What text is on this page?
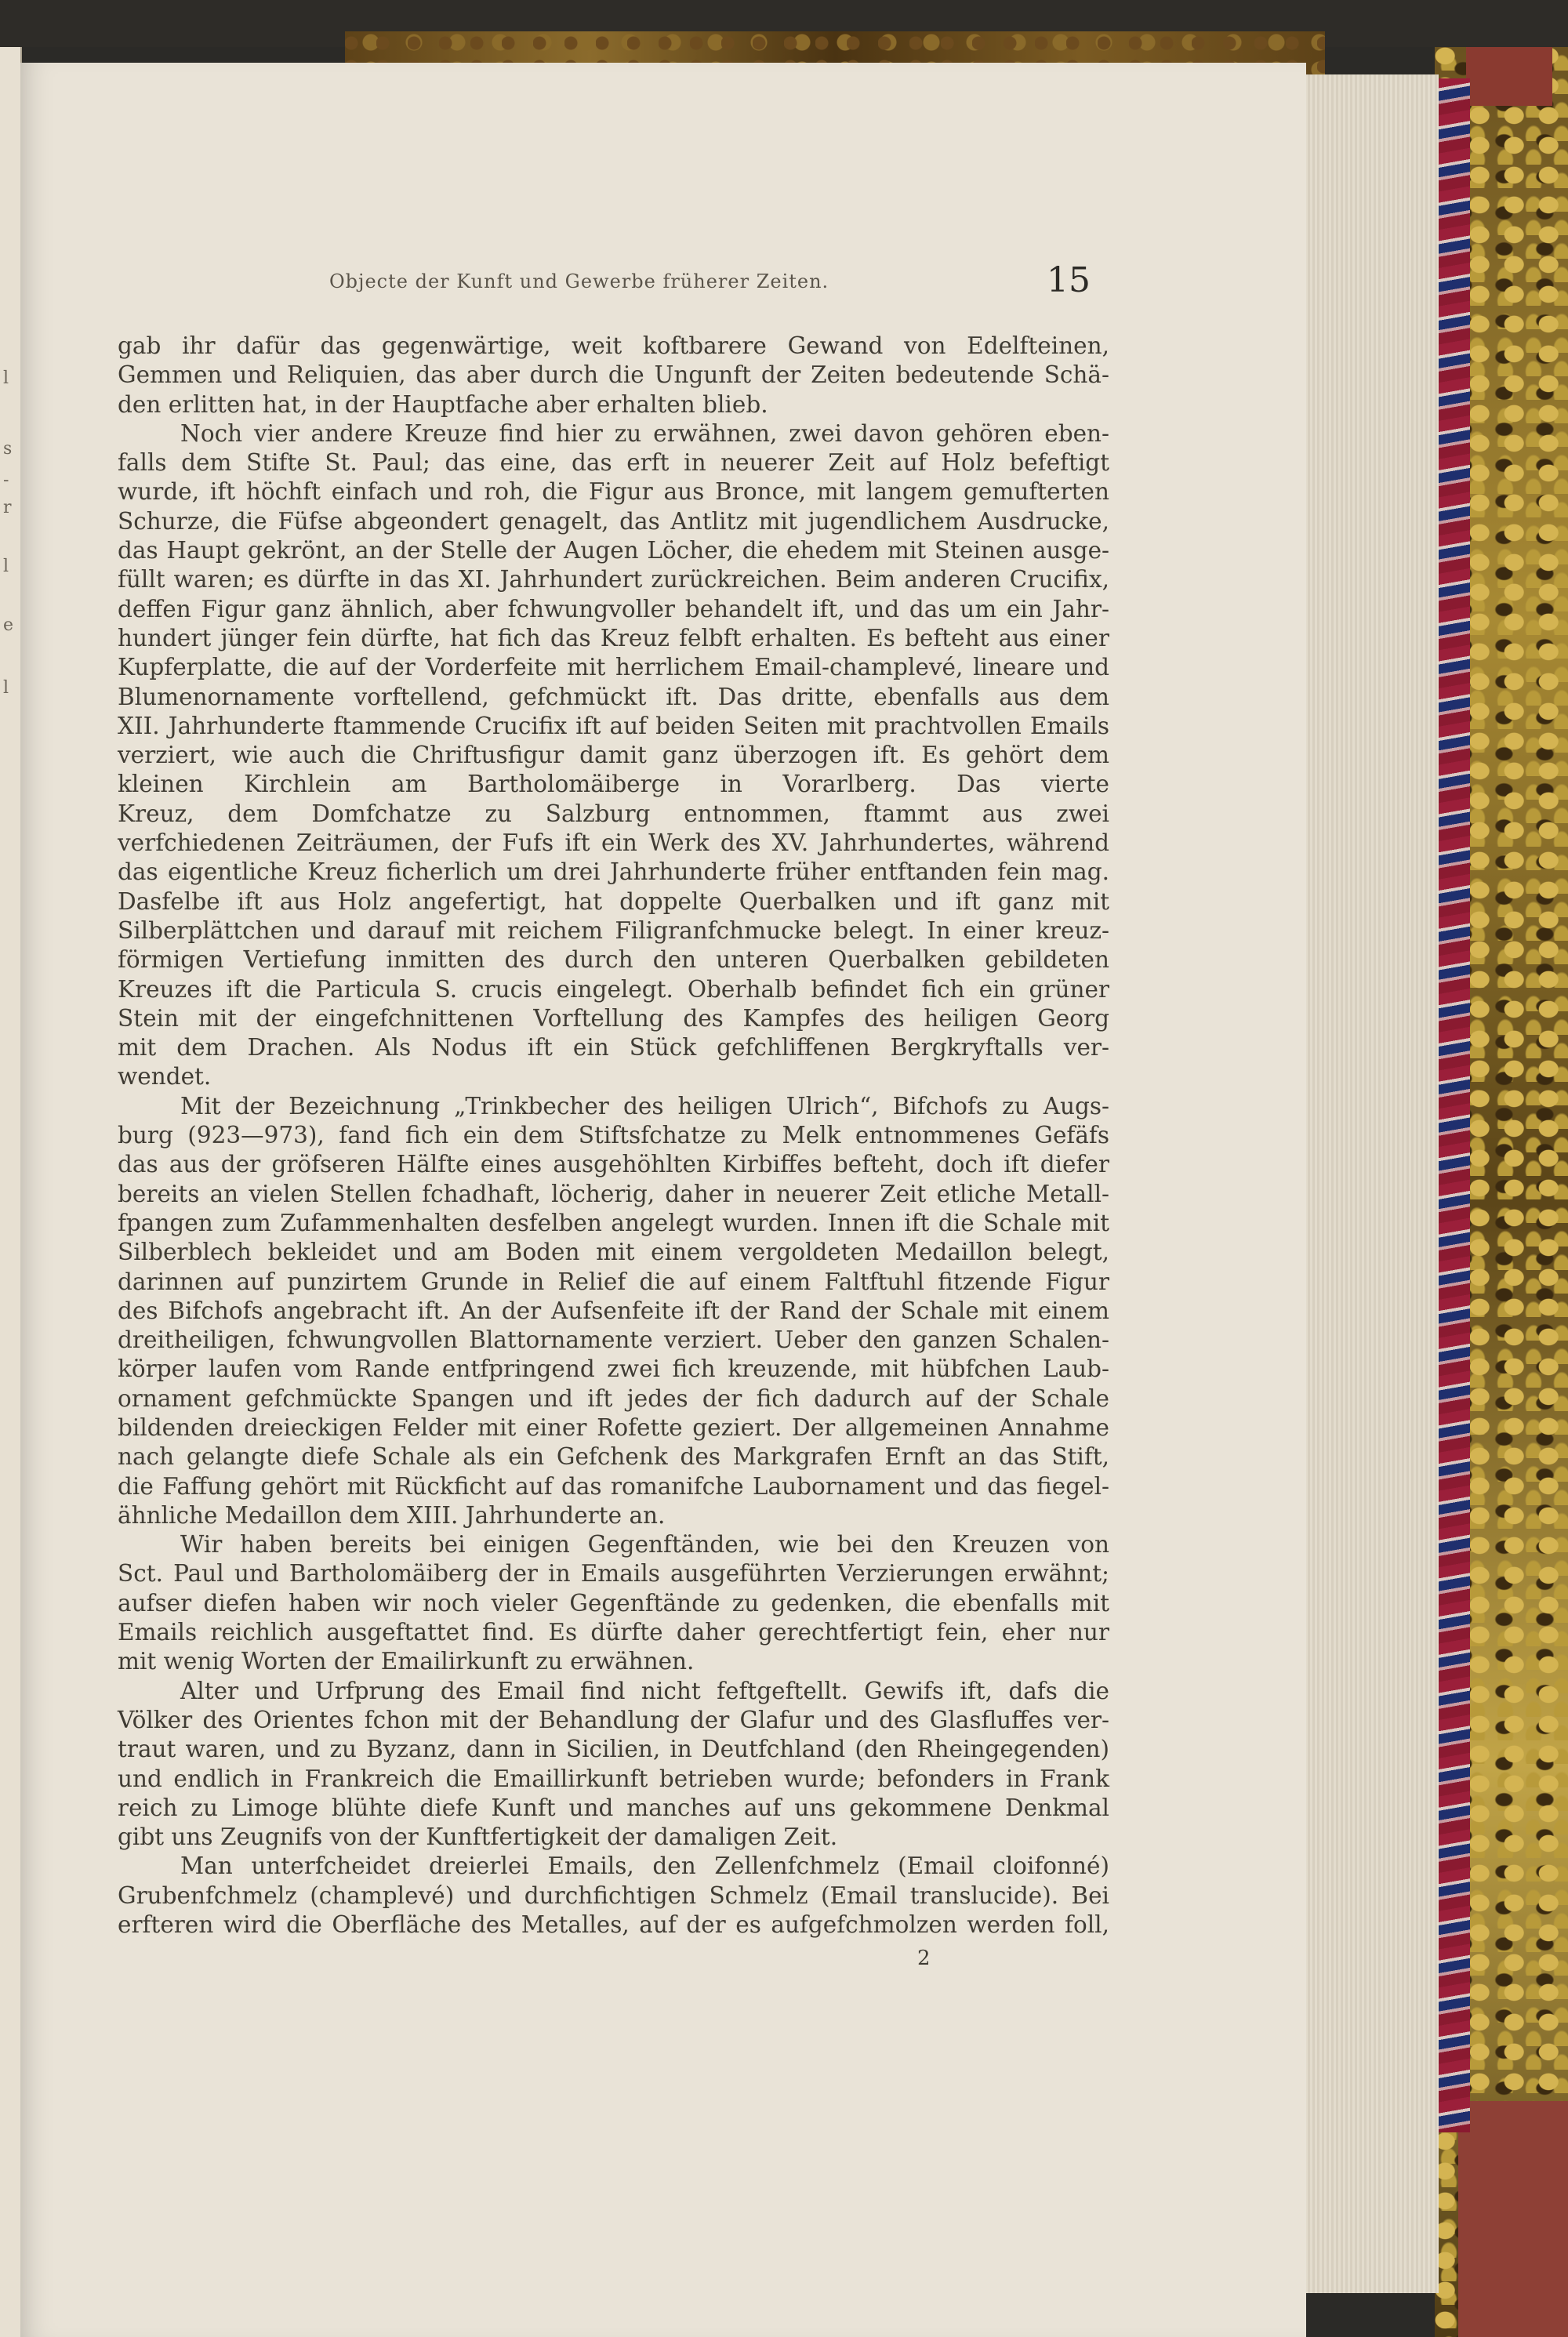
l
s
-
r
l
e
l
Objecte der Kunft und Gewerbe früherer Zeiten.	15
gab ihr dafür das gegenwärtige, weit koftbarere Gewand von Edelfteinen,
Gemmen und Reliquien, das aber durch die Ungunft der Zeiten bedeutende Schä-
den erlitten hat, in der Hauptfache aber erhalten blieb.
Noch vier andere Kreuze find hier zu erwähnen, zwei davon gehören eben-
falls dem Stifte St. Paul; das eine, das erft in neuerer Zeit auf Holz befeftigt
wurde, ift höchft einfach und roh, die Figur aus Bronce, mit langem gemufterten
Schurze, die Füfse abgeondert genagelt, das Antlitz mit jugendlichem Ausdrucke,
das Haupt gekrönt, an der Stelle der Augen Löcher, die ehedem mit Steinen ausge-
füllt waren; es dürfte in das XI. Jahrhundert zurückreichen. Beim anderen Crucifix,
deffen Figur ganz ähnlich, aber fchwungvoller behandelt ift, und das um ein Jahr-
hundert jünger fein dürfte, hat fich das Kreuz felbft erhalten. Es befteht aus einer
Kupferplatte, die auf der Vorderfeite mit herrlichem Email-champlevé, lineare und
Blumenornamente vorftellend, gefchmückt ift. Das dritte, ebenfalls aus dem
XII. Jahrhunderte ftammende Crucifix ift auf beiden Seiten mit prachtvollen Emails
verziert, wie auch die Chriftusfigur damit ganz überzogen ift. Es gehört dem
kleinen Kirchlein am Bartholomäiberge in Vorarlberg. Das vierte
Kreuz, dem Domfchatze zu Salzburg entnommen, ftammt aus zwei
verfchiedenen Zeiträumen, der Fufs ift ein Werk des XV. Jahrhundertes, während
das eigentliche Kreuz ficherlich um drei Jahrhunderte früher entftanden fein mag.
Dasfelbe ift aus Holz angefertigt, hat doppelte Querbalken und ift ganz mit
Silberplättchen und darauf mit reichem Filigranfchmucke belegt. In einer kreuz-
förmigen Vertiefung inmitten des durch den unteren Querbalken gebildeten
Kreuzes ift die Particula S. crucis eingelegt. Oberhalb befindet fich ein grüner
Stein mit der eingefchnittenen Vorftellung des Kampfes des heiligen Georg
mit dem Drachen. Als Nodus ift ein Stück gefchliffenen Bergkryftalls ver-
wendet.
Mit der Bezeichnung „Trinkbecher des heiligen Ulrich“, Bifchofs zu Augs-
burg (923—973), fand fich ein dem Stiftsfchatze zu Melk entnommenes Gefäfs
das aus der gröfseren Hälfte eines ausgehöhlten Kirbiffes befteht, doch ift diefer
bereits an vielen Stellen fchadhaft, löcherig, daher in neuerer Zeit etliche Metall-
fpangen zum Zufammenhalten desfelben angelegt wurden. Innen ift die Schale mit
Silberblech bekleidet und am Boden mit einem vergoldeten Medaillon belegt,
darinnen auf punzirtem Grunde in Relief die auf einem Faltftuhl fitzende Figur
des Bifchofs angebracht ift. An der Aufsenfeite ift der Rand der Schale mit einem
dreitheiligen, fchwungvollen Blattornamente verziert. Ueber den ganzen Schalen-
körper laufen vom Rande entfpringend zwei fich kreuzende, mit hübfchen Laub-
ornament gefchmückte Spangen und ift jedes der fich dadurch auf der Schale
bildenden dreieckigen Felder mit einer Rofette geziert. Der allgemeinen Annahme
nach gelangte diefe Schale als ein Gefchenk des Markgrafen Ernft an das Stift,
die Faffung gehört mit Rückficht auf das romanifche Laubornament und das fiegel-
ähnliche Medaillon dem XIII. Jahrhunderte an.
Wir haben bereits bei einigen Gegenftänden, wie bei den Kreuzen von
Sct. Paul und Bartholomäiberg der in Emails ausgeführten Verzierungen erwähnt;
aufser diefen haben wir noch vieler Gegenftände zu gedenken, die ebenfalls mit
Emails reichlich ausgeftattet find. Es dürfte daher gerechtfertigt fein, eher nur
mit wenig Worten der Emailirkunft zu erwähnen.
Alter und Urfprung des Email find nicht feftgeftellt. Gewifs ift, dafs die
Völker des Orientes fchon mit der Behandlung der Glafur und des Glasfluffes ver-
traut waren, und zu Byzanz, dann in Sicilien, in Deutfchland (den Rheingegenden)
und endlich in Frankreich die Emaillirkunft betrieben wurde; befonders in Frank
reich zu Limoge blühte diefe Kunft und manches auf uns gekommene Denkmal
gibt uns Zeugnifs von der Kunftfertigkeit der damaligen Zeit.
Man unterfcheidet dreierlei Emails, den Zellenfchmelz (Email cloifonné)
Grubenfchmelz (champlevé) und durchfichtigen Schmelz (Email translucide). Bei
erfteren wird die Oberfläche des Metalles, auf der es aufgefchmolzen werden foll,
2
